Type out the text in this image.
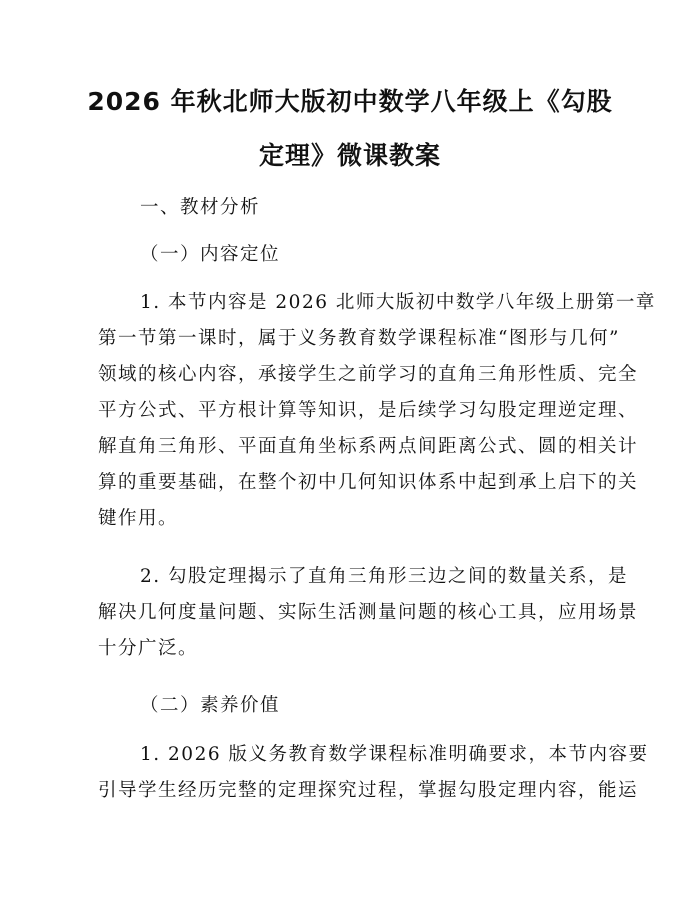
2026 年秋北师大版初中数学八年级上《勾股
定理》微课教案
一、教材分析
（一）内容定位
1. 本节内容是 2026 北师大版初中数学八年级上册第一章
第一节第一课时，属于义务教育数学课程标准“图形与几何”
领域的核心内容，承接学生之前学习的直角三角形性质、完全
平方公式、平方根计算等知识，是后续学习勾股定理逆定理、
解直角三角形、平面直角坐标系两点间距离公式、圆的相关计
算的重要基础，在整个初中几何知识体系中起到承上启下的关
键作用。
2. 勾股定理揭示了直角三角形三边之间的数量关系，是
解决几何度量问题、实际生活测量问题的核心工具，应用场景
十分广泛。
（二）素养价值
1. 2026 版义务教育数学课程标准明确要求，本节内容要
引导学生经历完整的定理探究过程，掌握勾股定理内容，能运
